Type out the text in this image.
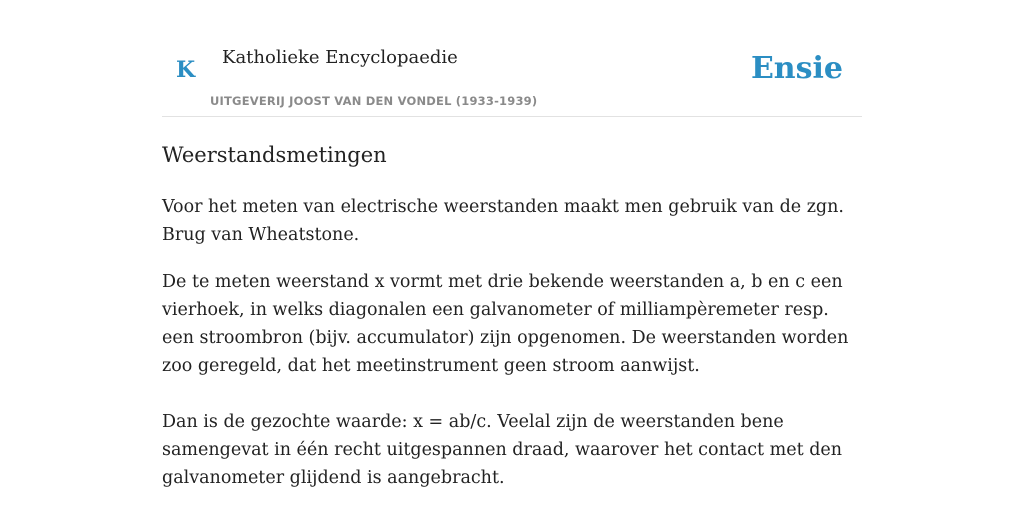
K Katholieke Encyclopaedie
UITGEVERIJ JOOST VAN DEN VONDEL (1933-1939)
Ensie
Weerstandsmetingen

Voor het meten van electrische weerstanden maakt men gebruik van de zgn. Brug van Wheatstone.

De te meten weerstand x vormt met drie bekende weerstanden a, b en c een vierhoek, in welks diagonalen een galvanometer of milliampèremeter resp. een stroombron (bijv. accumulator) zijn opgenomen. De weerstanden worden zoo geregeld, dat het meetinstrument geen stroom aanwijst.

Dan is de gezochte waarde: x = ab/c. Veelal zijn de weerstanden bene samengevat in één recht uitgespannen draad, waarover het contact met den galvanometer glijdend is aangebracht.
